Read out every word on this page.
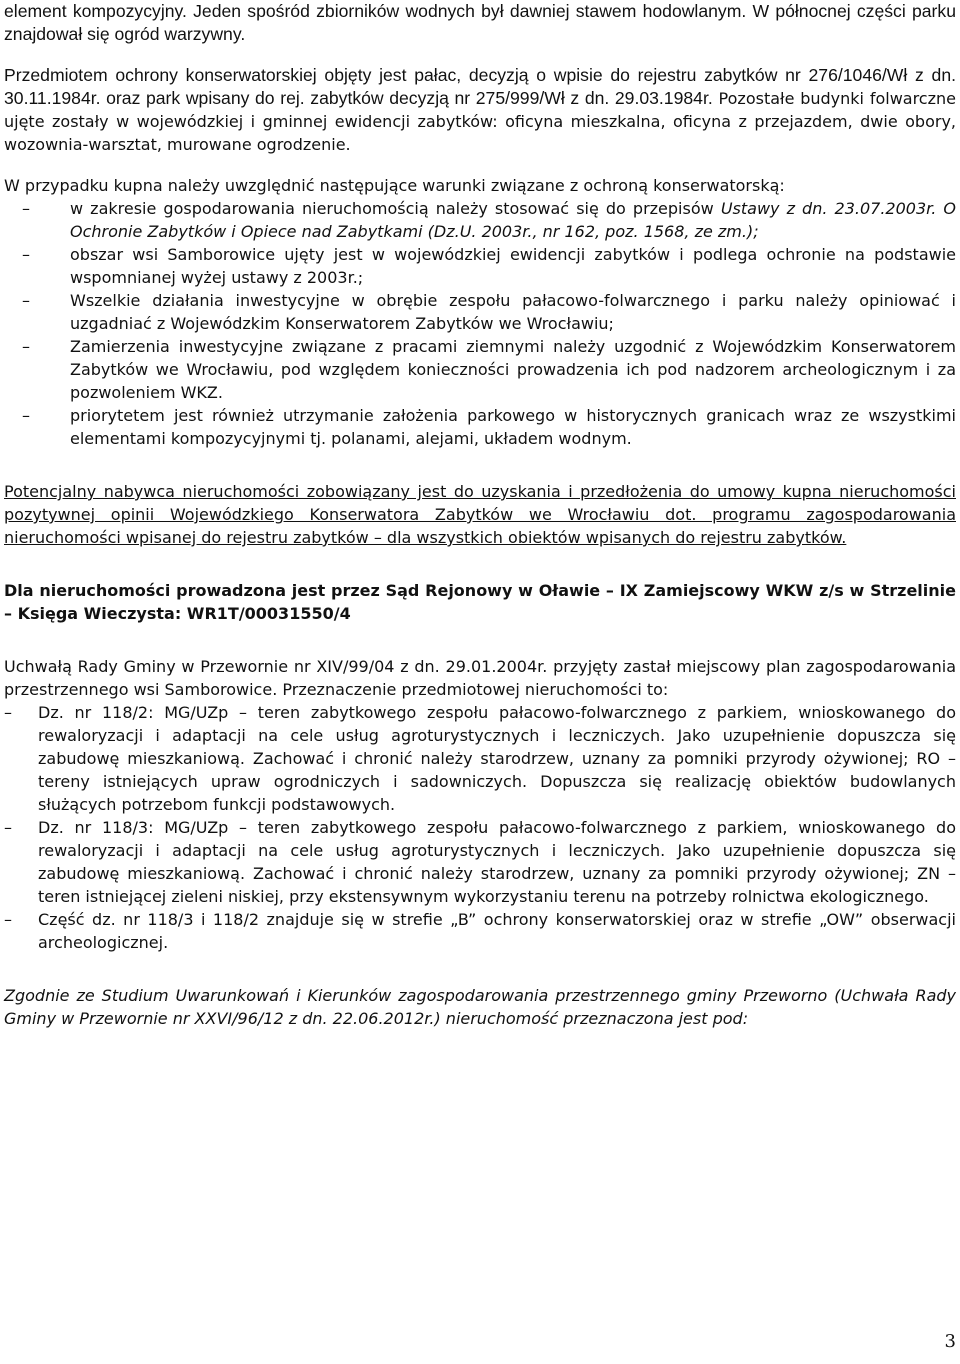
element kompozycyjny. Jeden spośród zbiorników wodnych był dawniej stawem hodowlanym. W północnej części parku znajdował się ogród warzywny.

Przedmiotem ochrony konserwatorskiej objęty jest pałac, decyzją o wpisie do rejestru zabytków nr 276/1046/Wł z dn. 30.11.1984r. oraz park wpisany do rej. zabytków decyzją nr 275/999/Wł z dn. 29.03.1984r. Pozostałe budynki folwarczne ujęte zostały w wojewódzkiej i gminnej ewidencji zabytków: oficyna mieszkalna, oficyna z przejazdem, dwie obory, wozownia-warsztat, murowane ogrodzenie.

W przypadku kupna należy uwzględnić następujące warunki związane z ochroną konserwatorską:

– w zakresie gospodarowania nieruchomością należy stosować się do przepisów Ustawy z dn. 23.07.2003r. O Ochronie Zabytków i Opiece nad Zabytkami (Dz.U. 2003r., nr 162, poz. 1568, ze zm.);
– obszar wsi Samborowice ujęty jest w wojewódzkiej ewidencji zabytków i podlega ochronie na podstawie wspomnianej wyżej ustawy z 2003r.;
– Wszelkie działania inwestycyjne w obrębie zespołu pałacowo-folwarcznego i parku należy opiniować i uzgadniać z Wojewódzkim Konserwatorem Zabytków we Wrocławiu;
– Zamierzenia inwestycyjne związane z pracami ziemnymi należy uzgodnić z Wojewódzkim Konserwatorem Zabytków we Wrocławiu, pod względem konieczności prowadzenia ich pod nadzorem archeologicznym i za pozwoleniem WKZ.
– priorytetem jest również utrzymanie założenia parkowego w historycznych granicach wraz ze wszystkimi elementami kompozycyjnymi tj. polanami, alejami, układem wodnym.

Potencjalny nabywca nieruchomości zobowiązany jest do uzyskania i przedłożenia do umowy kupna nieruchomości pozytywnej opinii Wojewódzkiego Konserwatora Zabytków we Wrocławiu dot. programu zagospodarowania nieruchomości wpisanej do rejestru zabytków – dla wszystkich obiektów wpisanych do rejestru zabytków.

Dla nieruchomości prowadzona jest przez Sąd Rejonowy w Oławie – IX Zamiejscowy WKW z/s w Strzelinie – Księga Wieczysta: WR1T/00031550/4

Uchwałą Rady Gminy w Przewornie nr XIV/99/04 z dn. 29.01.2004r. przyjęty zastał miejscowy plan zagospodarowania przestrzennego wsi Samborowice. Przeznaczenie przedmiotowej nieruchomości to:

– Dz. nr 118/2: MG/UZp – teren zabytkowego zespołu pałacowo-folwarcznego z parkiem, wnioskowanego do rewaloryzacji i adaptacji na cele usług agroturystycznych i leczniczych. Jako uzupełnienie dopuszcza się zabudowę mieszkaniową. Zachować i chronić należy starodrzew, uznany za pomniki przyrody ożywionej; RO – tereny istniejących upraw ogrodniczych i sadowniczych. Dopuszcza się realizację obiektów budowlanych służących potrzebom funkcji podstawowych.
– Dz. nr 118/3: MG/UZp – teren zabytkowego zespołu pałacowo-folwarcznego z parkiem, wnioskowanego do rewaloryzacji i adaptacji na cele usług agroturystycznych i leczniczych. Jako uzupełnienie dopuszcza się zabudowę mieszkaniową. Zachować i chronić należy starodrzew, uznany za pomniki przyrody ożywionej; ZN – teren istniejącej zieleni niskiej, przy ekstensywnym wykorzystaniu terenu na potrzeby rolnictwa ekologicznego.
– Część dz. nr 118/3 i 118/2 znajduje się w strefie „B” ochrony konserwatorskiej oraz w strefie „OW” obserwacji archeologicznej.

Zgodnie ze Studium Uwarunkowań i Kierunków zagospodarowania przestrzennego gminy Przeworno (Uchwała Rady Gminy w Przewornie nr XXVI/96/12 z dn. 22.06.2012r.) nieruchomość przeznaczona jest pod:

3
